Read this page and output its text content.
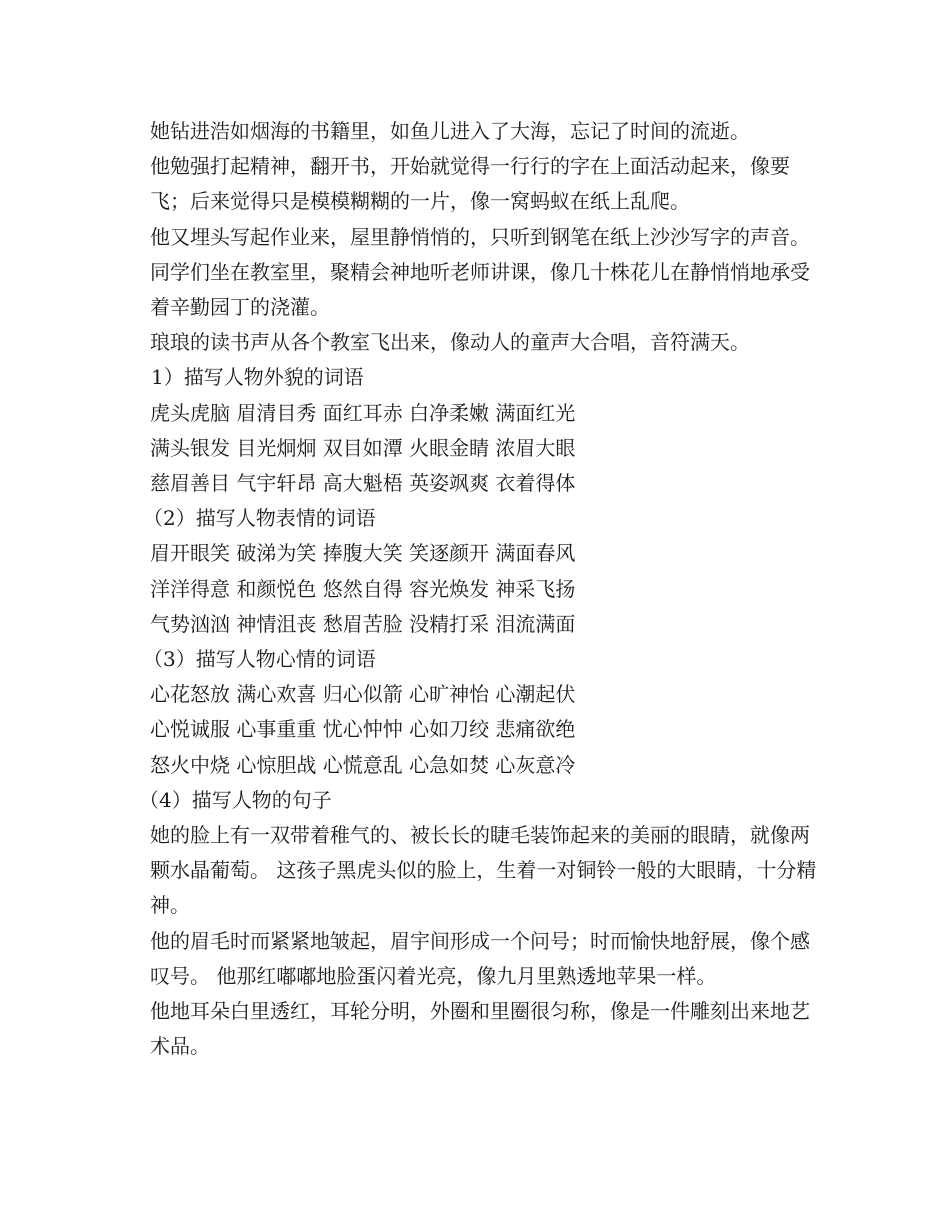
她钻进浩如烟海的书籍里，如鱼儿进入了大海，忘记了时间的流逝。

他勉强打起精神，翻开书，开始就觉得一行行的字在上面活动起来，像要飞；后来觉得只是模模糊糊的一片，像一窝蚂蚁在纸上乱爬。

他又埋头写起作业来，屋里静悄悄的，只听到钢笔在纸上沙沙写字的声音。

同学们坐在教室里，聚精会神地听老师讲课，像几十株花儿在静悄悄地承受着辛勤园丁的浇灌。

琅琅的读书声从各个教室飞出来，像动人的童声大合唱，音符满天。

1）描写人物外貌的词语

虎头虎脑 眉清目秀 面红耳赤 白净柔嫩 满面红光

满头银发 目光炯炯 双目如潭 火眼金睛 浓眉大眼

慈眉善目 气宇轩昂 高大魁梧 英姿飒爽 衣着得体

（2）描写人物表情的词语

眉开眼笑 破涕为笑 捧腹大笑 笑逐颜开 满面春风

洋洋得意 和颜悦色 悠然自得 容光焕发 神采飞扬

气势汹汹 神情沮丧 愁眉苦脸 没精打采 泪流满面

（3）描写人物心情的词语

心花怒放 满心欢喜 归心似箭 心旷神怡 心潮起伏

心悦诚服 心事重重 忧心忡忡 心如刀绞 悲痛欲绝

怒火中烧 心惊胆战 心慌意乱 心急如焚 心灰意冷

（4）描写人物的句子

她的脸上有一双带着稚气的、被长长的睫毛装饰起来的美丽的眼睛，就像两颗水晶葡萄。 这孩子黑虎头似的脸上，生着一对铜铃一般的大眼睛，十分精神。

他的眉毛时而紧紧地皱起，眉宇间形成一个问号；时而愉快地舒展，像个感叹号。 他那红嘟嘟地脸蛋闪着光亮，像九月里熟透地苹果一样。

他地耳朵白里透红，耳轮分明，外圈和里圈很匀称，像是一件雕刻出来地艺术品。
